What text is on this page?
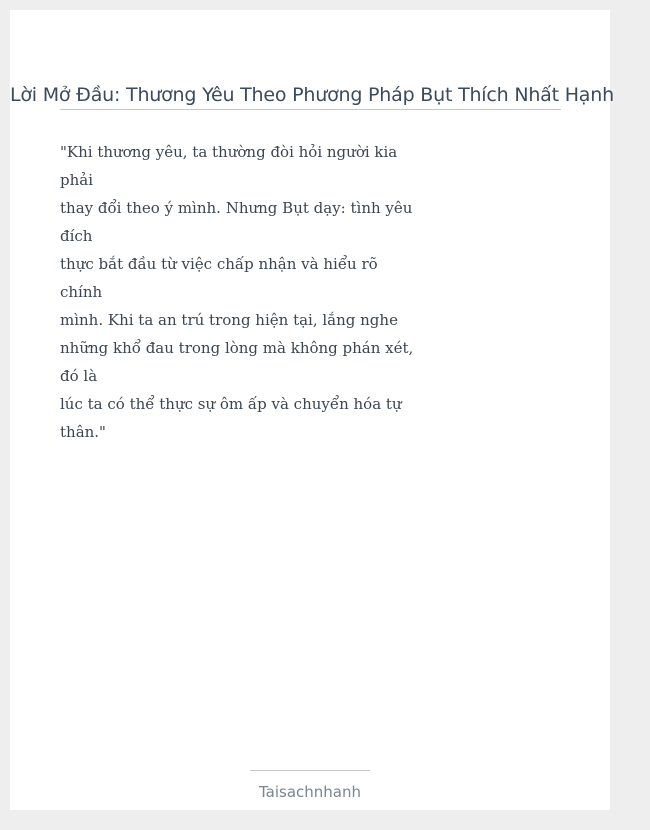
Lời Mở Đầu: Thương Yêu Theo Phương Pháp Bụt Thích Nhất Hạnh
"Khi thương yêu, ta thường đòi hỏi người kia
phải
thay đổi theo ý mình. Nhưng Bụt dạy: tình yêu
đích
thực bắt đầu từ việc chấp nhận và hiểu rõ
chính
mình. Khi ta an trú trong hiện tại, lắng nghe
những khổ đau trong lòng mà không phán xét,
đó là
lúc ta có thể thực sự ôm ấp và chuyển hóa tự
thân."
Taisachnhanh
